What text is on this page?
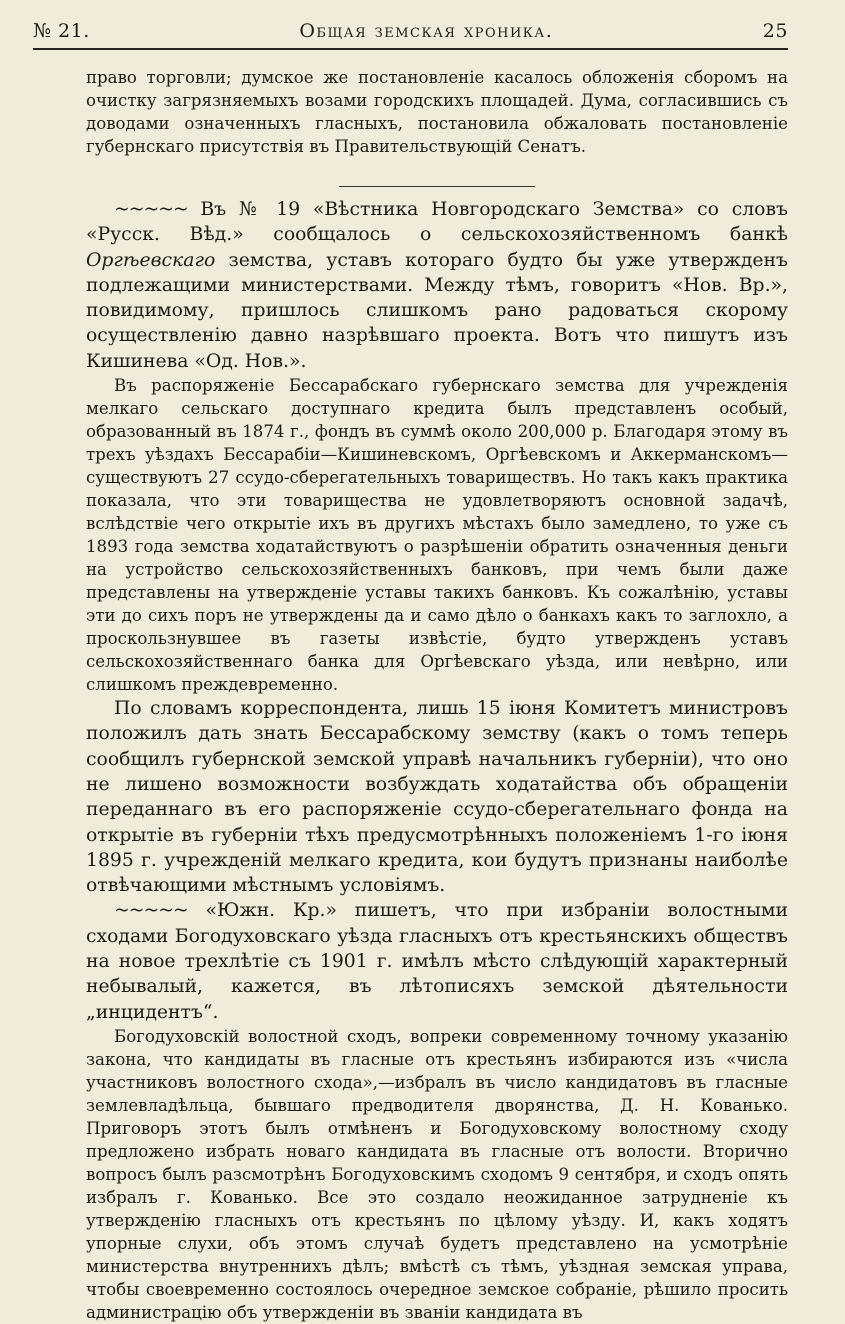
№ 21.	Общая земская хроника.	25

право торговли; думское же постановленіе касалось обложенія сборомъ на очистку загрязняемыхъ возами городскихъ площадей. Дума, согласившись съ доводами означенныхъ гласныхъ, постановила обжаловать постановленіе губернскаго присутствія въ Правительствующій Сенатъ.

~~~~~ Въ № 19 «Вѣстника Новгородскаго Земства» со словъ «Русск. Вѣд.» сообщалось о сельскохозяйственномъ банкѣ Оргѣевскаго земства, уставъ котораго будто бы уже утвержденъ подлежащими министерствами. Между тѣмъ, говоритъ «Нов. Вр.», повидимому, пришлось слишкомъ рано радоваться скорому осуществленію давно назрѣвшаго проекта. Вотъ что пишутъ изъ Кишинева «Од. Нов.».

Въ распоряженіе Бессарабскаго губернскаго земства для учрежденія мелкаго сельскаго доступнаго кредита былъ представленъ особый, образованный въ 1874 г., фондъ въ суммѣ около 200,000 р. Благодаря этому въ трехъ уѣздахъ Бессарабіи—Кишиневскомъ, Оргѣевскомъ и Аккерманскомъ—существуютъ 27 ссудо-сберегательныхъ товариществъ. Но такъ какъ практика показала, что эти товарищества не удовлетворяютъ основной задачѣ, вслѣдствіе чего открытіе ихъ въ другихъ мѣстахъ было замедлено, то уже съ 1893 года земства ходатайствуютъ о разрѣшеніи обратить означенныя деньги на устройство сельскохозяйственныхъ банковъ, при чемъ были даже представлены на утвержденіе уставы такихъ банковъ. Къ сожалѣнію, уставы эти до сихъ поръ не утверждены да и само дѣло о банкахъ какъ то заглохло, а проскользнувшее въ газеты извѣстіе, будто утвержденъ уставъ сельскохозяйственнаго банка для Оргѣевскаго уѣзда, или невѣрно, или слишкомъ преждевременно.

По словамъ корреспондента, лишь 15 іюня Комитетъ министровъ положилъ дать знать Бессарабскому земству (какъ о томъ теперь сообщилъ губернской земской управѣ начальникъ губерніи), что оно не лишено возможности возбуждать ходатайства объ обращеніи переданнаго въ его распоряженіе ссудо-сберегательнаго фонда на открытіе въ губерніи тѣхъ предусмотрѣнныхъ положеніемъ 1-го іюня 1895 г. учрежденій мелкаго кредита, кои будутъ признаны наиболѣе отвѣчающими мѣстнымъ условіямъ.

~~~~~ «Южн. Кр.» пишетъ, что при избраніи волостными сходами Богодуховскаго уѣзда гласныхъ отъ крестьянскихъ обществъ на новое трехлѣтіе съ 1901 г. имѣлъ мѣсто слѣдующій характерный небывалый, кажется, въ лѣтописяхъ земской дѣятельности „инцидентъ“.

Богодуховскій волостной сходъ, вопреки современному точному указанію закона, что кандидаты въ гласные отъ крестьянъ избираются изъ «числа участниковъ волостного схода»,—избралъ въ число кандидатовъ въ гласные землевладѣльца, бывшаго предводителя дворянства, Д. Н. Кованько. Приговоръ этотъ былъ отмѣненъ и Богодуховскому волостному сходу предложено избрать новаго кандидата въ гласные отъ волости. Вторично вопросъ былъ разсмотрѣнъ Богодуховскимъ сходомъ 9 сентября, и сходъ опять избралъ г. Кованько. Все это создало неожиданное затрудненіе къ утвержденію гласныхъ отъ крестьянъ по цѣлому уѣзду. И, какъ ходятъ упорные слухи, объ этомъ случаѣ будетъ представлено на усмотрѣніе министерства внутреннихъ дѣлъ; вмѣстѣ съ тѣмъ, уѣздная земская управа, чтобы своевременно состоялось очередное земское собраніе, рѣшило просить администрацію объ утвержденіи въ званіи кандидата въ
